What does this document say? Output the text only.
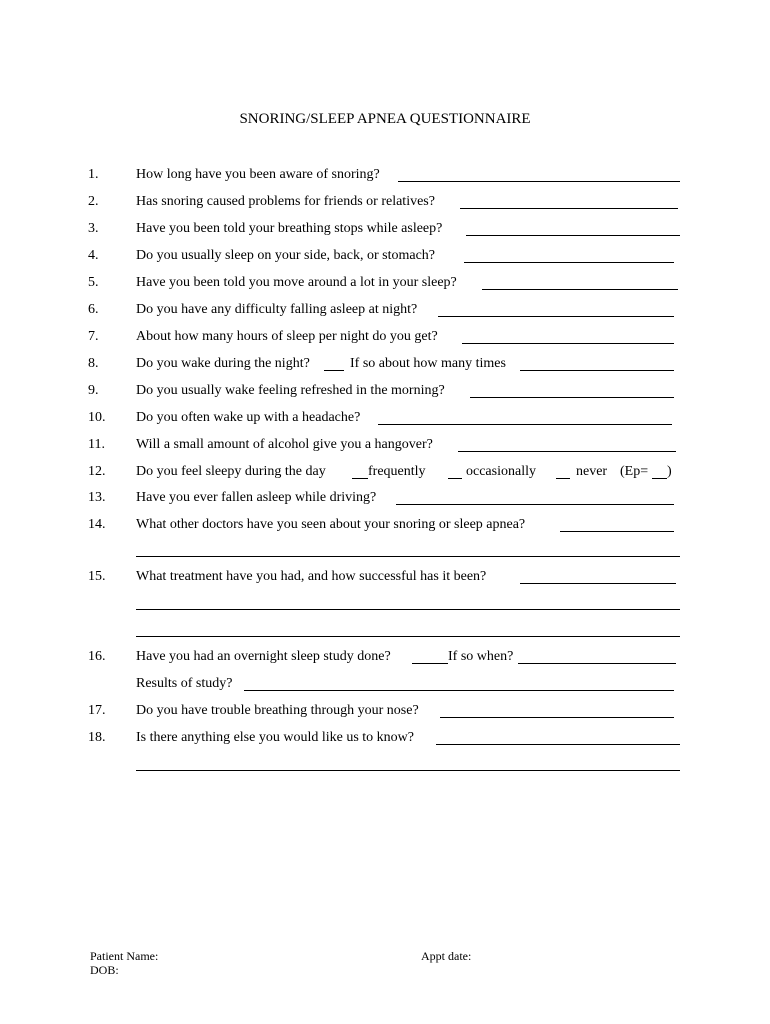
SNORING/SLEEP APNEA QUESTIONNAIRE
1.	How long have you been aware of snoring?
2.	Has snoring caused problems for friends or relatives?
3.	Have you been told your breathing stops while asleep?
4.	Do you usually sleep on your side, back, or stomach?
5.	Have you been told you move around a lot in your sleep?
6.	Do you have any difficulty falling asleep at night?
7.	About how many hours of sleep per night do you get?
8.	Do you wake during the night?	If so about how many times
9.	Do you usually wake feeling refreshed in the morning?
10. Do you often wake up with a headache?
11. Will a small amount of alcohol give you a hangover?
12. Do you feel sleepy during the day	frequently	occasionally	never (Ep= )
13. Have you ever fallen asleep while driving?
14. What other doctors have you seen about your snoring or sleep apnea?
15. What treatment have you had, and how successful has it been?
16. Have you had an overnight sleep study done?	If so when?
Results of study?
17. Do you have trouble breathing through your nose?
18. Is there anything else you would like us to know?
Patient Name:
DOB:
Appt date:
